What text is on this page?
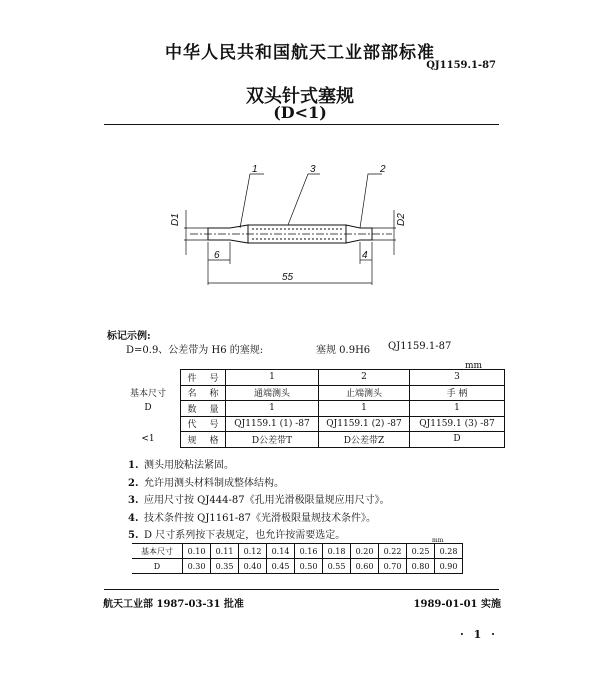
中华人民共和国航天工业部部标准
QJ1159.1-87
双头针式塞规
(D<1)
1	3	2
D1	D2
6	4
55
标记示例:
D=0.9、公差带为 H6 的塞规:	塞规 0.9H6 QJ1159.1-87
mm
	件	号	1	2	3
基本尺寸	名	称	通端测头	止端测头	手 柄
D	数	量	1	1	1
	代	号	QJ1159.1 (1) -87	QJ1159.1 (2) -87	QJ1159.1 (3) -87
<1	规	格	D公差带T	D公差带Z	D
1. 测头用胶粘法紧固。
2. 允许用测头材料制成整体结构。
3. 应用尺寸按 QJ444-87《孔用光滑极限量规应用尺寸》。
4. 技术条件按 QJ1161-87《光滑极限量规技术条件》。
5. D 尺寸系列按下表规定，也允许按需要选定。	mm
基本尺寸	0.10	0.11	0.12	0.14	0.16	0.18	0.20	0.22	0.25	0.28
D	0.30	0.35	0.40	0.45	0.50	0.55	0.60	0.70	0.80	0.90
航天工业部 1987-03-31 批准	1989-01-01 实施
· 1 ·
